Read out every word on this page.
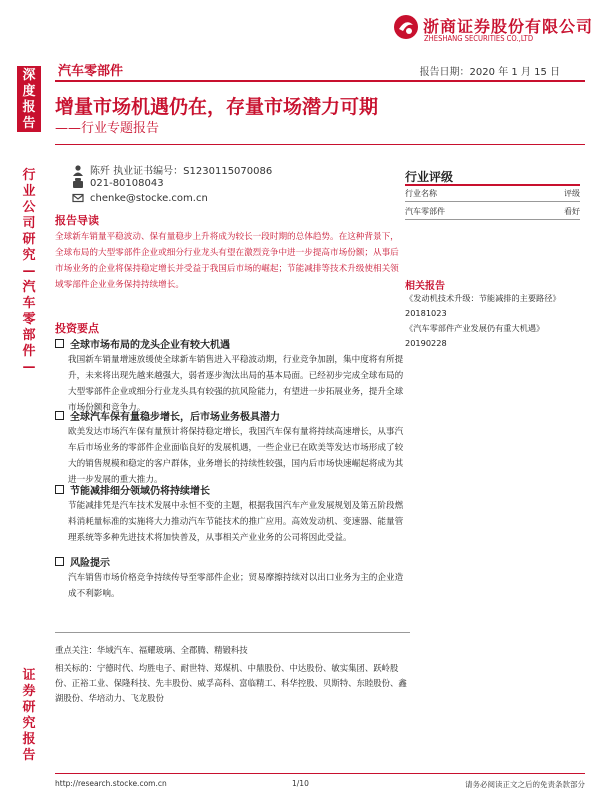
浙商证券股份有限公司
ZHESHANG SECURITIES CO.,LTD
深
度
报
告
行
业
公
司
研
究
—
汽
车
零
部
件
—
证
券
研
究
报
告
汽车零部件	报告日期：2020 年 1 月 15 日
增量市场机遇仍在，存量市场潜力可期
——行业专题报告
陈歼 执业证书编号：S1230115070086
021-80108043
chenke@stocke.com.cn
报告导读
全球新车销量平稳波动、保有量稳步上升将成为较长一段时期的总体趋势。在这种背景下，全球布局的大型零部件企业或细分行业龙头有望在激烈竞争中进一步提高市场份额；从事后市场业务的企业将保持稳定增长并受益于我国后市场的崛起；节能减排等技术升级使相关领域零部件企业业务保持持续增长。
投资要点
全球市场布局的龙头企业有较大机遇
我国新车销量增速放缓使全球新车销售进入平稳波动期，行业竞争加剧，集中度将有所提升，未来将出现先越来越强大，弱者逐步淘汰出局的基本局面。已经初步完成全球布局的大型零部件企业或细分行业龙头具有较强的抗风险能力，有望进一步拓展业务，提升全球市场份额和竞争力。
全球汽车保有量稳步增长，后市场业务极具潜力
欧美发达市场汽车保有量预计将保持稳定增长，我国汽车保有量将持续高速增长，从事汽车后市场业务的零部件企业面临良好的发展机遇，一些企业已在欧美等发达市场形成了较大的销售规模和稳定的客户群体，业务增长的持续性较强，国内后市场快速崛起将成为其进一步发展的重大推力。
节能减排细分领域仍将持续增长
节能减排凭是汽车技术发展中永恒不变的主题，根据我国汽车产业发展规划及第五阶段燃料消耗量标准的实施将大力推动汽车节能技术的推广应用。高效发动机、变速器、能量管理系统等多种先进技术将加快普及，从事相关产业业务的公司将因此受益。
风险提示
汽车销售市场价格竞争持续传导至零部件企业；贸易摩擦持续对以出口业务为主的企业造成不利影响。
行业评级
行业名称	评级
汽车零部件	看好
相关报告
《发动机技术升级：节能减排的主要路径》20181023
《汽车零部件产业发展仍有重大机遇》20190228
重点关注：华域汽车、福耀玻璃、全郡腾、精锻科技
相关标的：宁德时代、均胜电子、耐世特、郑煤机、中鼎股份、中达股份、敏实集团、跃岭股份、正裕工业、保隆科技、先丰股份、威孚高科、富临精工、科华控股、贝斯特、东睦股份、鑫湖股份、华培动力、飞龙股份
http://research.stocke.com.cn	1/10	请务必阅读正文之后的免责条款部分
